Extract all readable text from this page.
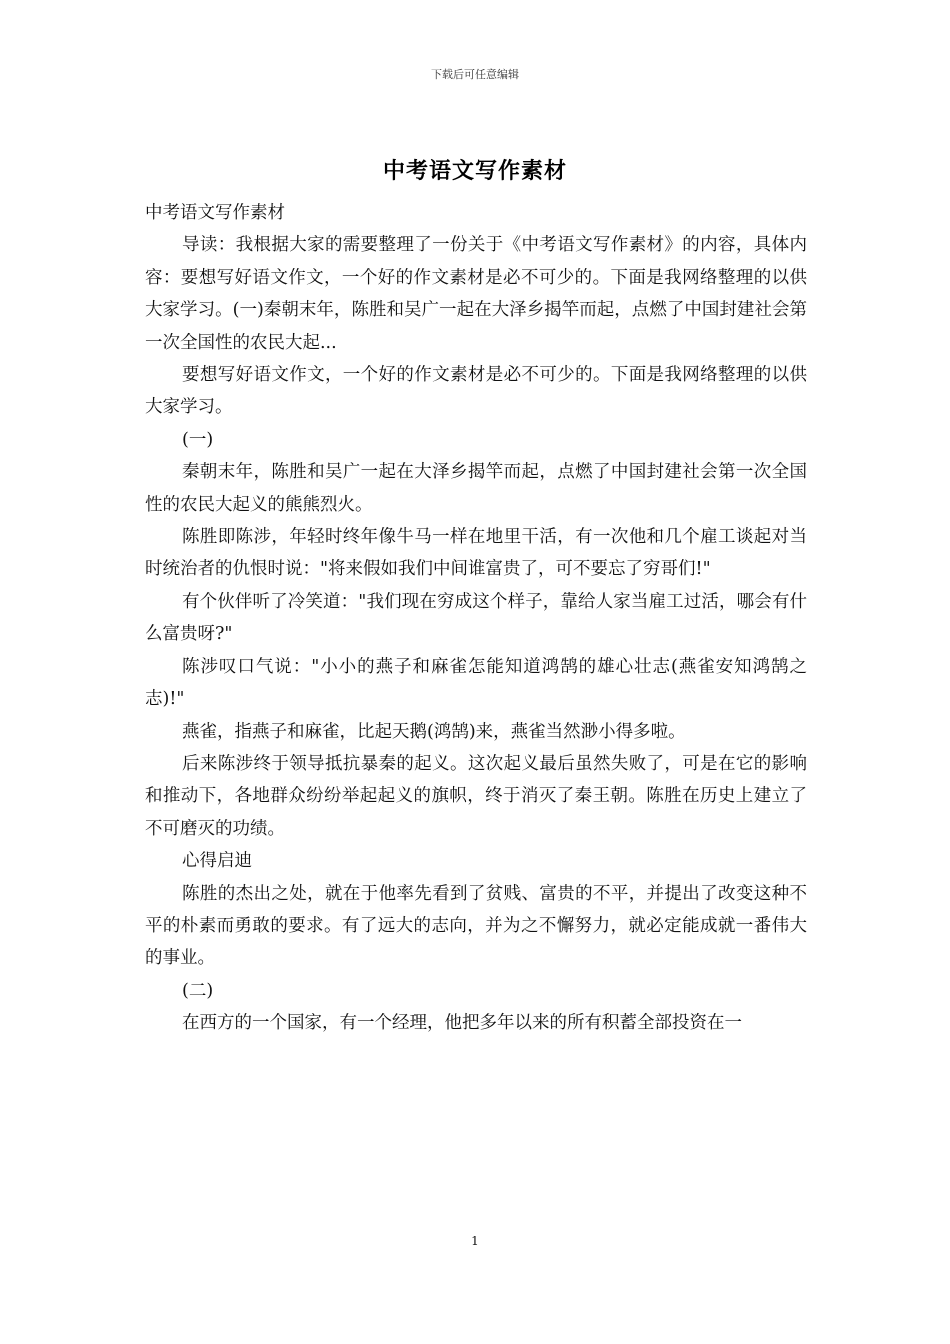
下载后可任意编辑
中考语文写作素材

中考语文写作素材

导读：我根据大家的需要整理了一份关于《中考语文写作素材》的内容，具体内容：要想写好语文作文，一个好的作文素材是必不可少的。下面是我网络整理的以供大家学习。(一)秦朝末年，陈胜和吴广一起在大泽乡揭竿而起，点燃了中国封建社会第一次全国性的农民大起...

要想写好语文作文，一个好的作文素材是必不可少的。下面是我网络整理的以供大家学习。

(一)

秦朝末年，陈胜和吴广一起在大泽乡揭竿而起，点燃了中国封建社会第一次全国性的农民大起义的熊熊烈火。

陈胜即陈涉，年轻时终年像牛马一样在地里干活，有一次他和几个雇工谈起对当时统治者的仇恨时说："将来假如我们中间谁富贵了，可不要忘了穷哥们!"

有个伙伴听了冷笑道："我们现在穷成这个样子，靠给人家当雇工过活，哪会有什么富贵呀?"

陈涉叹口气说："小小的燕子和麻雀怎能知道鸿鹄的雄心壮志(燕雀安知鸿鹄之志)!"

燕雀，指燕子和麻雀，比起天鹅(鸿鹄)来，燕雀当然渺小得多啦。

后来陈涉终于领导抵抗暴秦的起义。这次起义最后虽然失败了，可是在它的影响和推动下，各地群众纷纷举起起义的旗帜，终于消灭了秦王朝。陈胜在历史上建立了不可磨灭的功绩。

心得启迪

陈胜的杰出之处，就在于他率先看到了贫贱、富贵的不平，并提出了改变这种不平的朴素而勇敢的要求。有了远大的志向，并为之不懈努力，就必定能成就一番伟大的事业。

(二)

在西方的一个国家，有一个经理，他把多年以来的所有积蓄全部投资在一

1
